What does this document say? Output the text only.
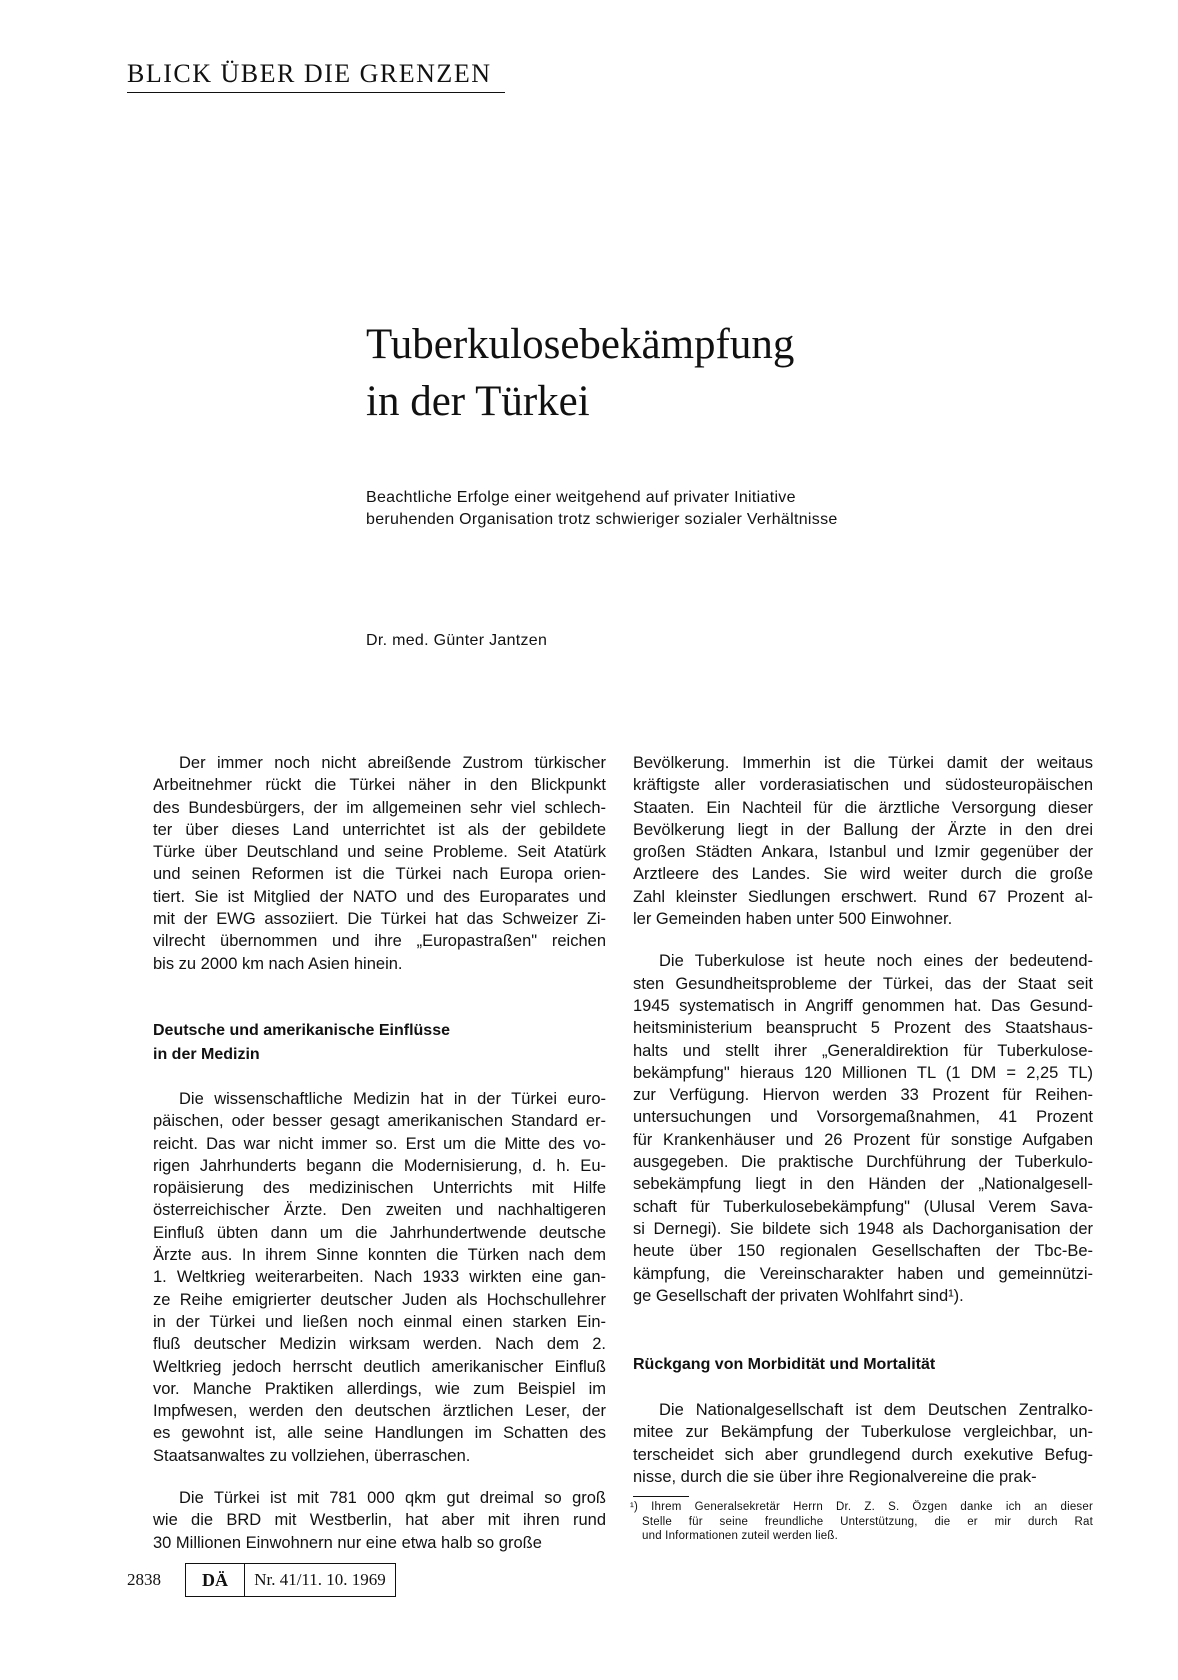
BLICK ÜBER DIE GRENZEN
Tuberkulosebekämpfung
in der Türkei
Beachtliche Erfolge einer weitgehend auf privater Initiative
beruhenden Organisation trotz schwieriger sozialer Verhältnisse
Dr. med. Günter Jantzen
Der immer noch nicht abreißende Zustrom türkischer
Arbeitnehmer rückt die Türkei näher in den Blickpunkt
des Bundesbürgers, der im allgemeinen sehr viel schlech-
ter über dieses Land unterrichtet ist als der gebildete
Türke über Deutschland und seine Probleme. Seit Atatürk
und seinen Reformen ist die Türkei nach Europa orien-
tiert. Sie ist Mitglied der NATO und des Europarates und
mit der EWG assoziiert. Die Türkei hat das Schweizer Zi-
vilrecht übernommen und ihre „Europastraßen" reichen
bis zu 2000 km nach Asien hinein.
Deutsche und amerikanische Einflüsse
in der Medizin
Die wissenschaftliche Medizin hat in der Türkei euro-
päischen, oder besser gesagt amerikanischen Standard er-
reicht. Das war nicht immer so. Erst um die Mitte des vo-
rigen Jahrhunderts begann die Modernisierung, d. h. Eu-
ropäisierung des medizinischen Unterrichts mit Hilfe
österreichischer Ärzte. Den zweiten und nachhaltigeren
Einfluß übten dann um die Jahrhundertwende deutsche
Ärzte aus. In ihrem Sinne konnten die Türken nach dem
1. Weltkrieg weiterarbeiten. Nach 1933 wirkten eine gan-
ze Reihe emigrierter deutscher Juden als Hochschullehrer
in der Türkei und ließen noch einmal einen starken Ein-
fluß deutscher Medizin wirksam werden. Nach dem 2.
Weltkrieg jedoch herrscht deutlich amerikanischer Einfluß
vor. Manche Praktiken allerdings, wie zum Beispiel im
Impfwesen, werden den deutschen ärztlichen Leser, der
es gewohnt ist, alle seine Handlungen im Schatten des
Staatsanwaltes zu vollziehen, überraschen.
Die Türkei ist mit 781 000 qkm gut dreimal so groß
wie die BRD mit Westberlin, hat aber mit ihren rund
30 Millionen Einwohnern nur eine etwa halb so große
Bevölkerung. Immerhin ist die Türkei damit der weitaus
kräftigste aller vorderasiatischen und südosteuropäischen
Staaten. Ein Nachteil für die ärztliche Versorgung dieser
Bevölkerung liegt in der Ballung der Ärzte in den drei
großen Städten Ankara, Istanbul und Izmir gegenüber der
Arztleere des Landes. Sie wird weiter durch die große
Zahl kleinster Siedlungen erschwert. Rund 67 Prozent al-
ler Gemeinden haben unter 500 Einwohner.
Die Tuberkulose ist heute noch eines der bedeutend-
sten Gesundheitsprobleme der Türkei, das der Staat seit
1945 systematisch in Angriff genommen hat. Das Gesund-
heitsministerium beansprucht 5 Prozent des Staatshaus-
halts und stellt ihrer „Generaldirektion für Tuberkulose-
bekämpfung" hieraus 120 Millionen TL (1 DM = 2,25 TL)
zur Verfügung. Hiervon werden 33 Prozent für Reihen-
untersuchungen und Vorsorgemaßnahmen, 41 Prozent
für Krankenhäuser und 26 Prozent für sonstige Aufgaben
ausgegeben. Die praktische Durchführung der Tuberkulo-
sebekämpfung liegt in den Händen der „Nationalgesell-
schaft für Tuberkulosebekämpfung" (Ulusal Verem Sava-
si Dernegi). Sie bildete sich 1948 als Dachorganisation der
heute über 150 regionalen Gesellschaften der Tbc-Be-
kämpfung, die Vereinscharakter haben und gemeinnützi-
ge Gesellschaft der privaten Wohlfahrt sind¹).
Rückgang von Morbidität und Mortalität
Die Nationalgesellschaft ist dem Deutschen Zentralko-
mitee zur Bekämpfung der Tuberkulose vergleichbar, un-
terscheidet sich aber grundlegend durch exekutive Befug-
nisse, durch die sie über ihre Regionalvereine die prak-
¹) Ihrem Generalsekretär Herrn Dr. Z. S. Özgen danke ich an dieser
Stelle für seine freundliche Unterstützung, die er mir durch Rat
und Informationen zuteil werden ließ.
2838	DÄ	Nr. 41/11. 10. 1969
